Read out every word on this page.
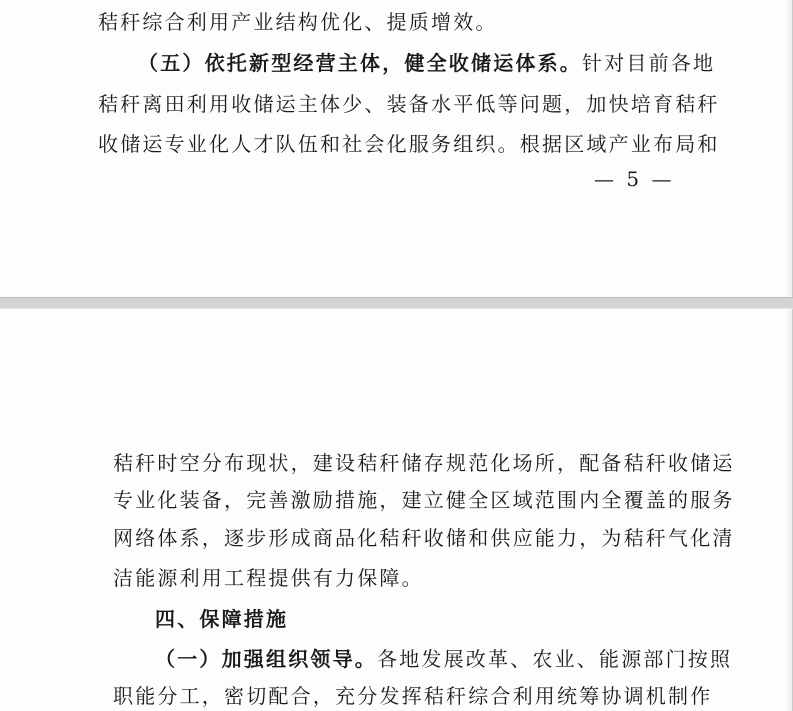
秸秆综合利用产业结构优化、提质增效。
（五）依托新型经营主体，健全收储运体系。针对目前各地
秸秆离田利用收储运主体少、装备水平低等问题，加快培育秸秆
收储运专业化人才队伍和社会化服务组织。根据区域产业布局和
— 5 —
秸秆时空分布现状，建设秸秆储存规范化场所，配备秸秆收储运
专业化装备，完善激励措施，建立健全区域范围内全覆盖的服务
网络体系，逐步形成商品化秸秆收储和供应能力，为秸秆气化清
洁能源利用工程提供有力保障。
四、保障措施
（一）加强组织领导。各地发展改革、农业、能源部门按照
职能分工，密切配合，充分发挥秸秆综合利用统筹协调机制作
